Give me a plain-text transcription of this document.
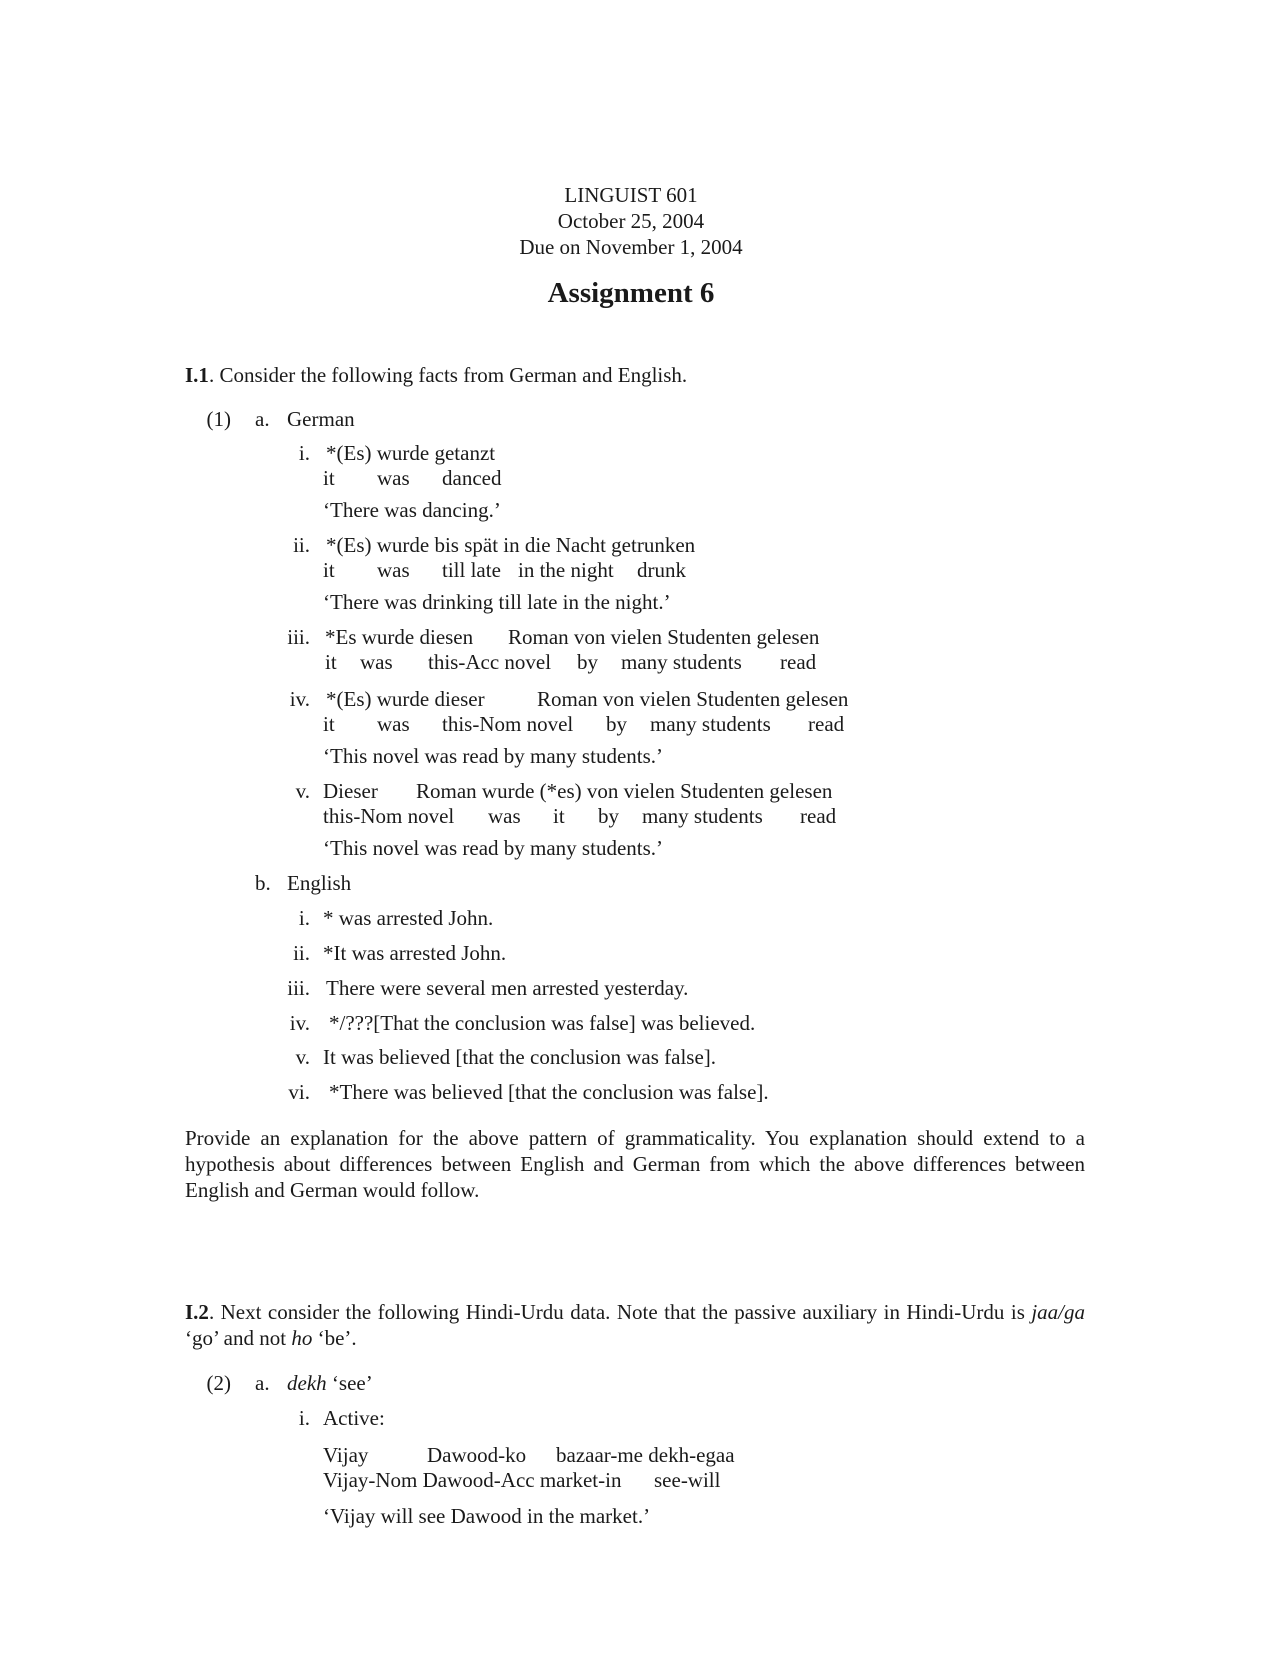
LINGUIST 601
October 25, 2004
Due on November 1, 2004
Assignment 6
I.1. Consider the following facts from German and English.
(1) a. German
i. *(Es) wurde getanzt
it was danced
‘There was dancing.’
ii. *(Es) wurde bis spät in die Nacht getrunken
it was till late in the night drunk
‘There was drinking till late in the night.’
iii. *Es wurde diesen Roman von vielen Studenten gelesen
it was this-Acc novel by many students read
iv. *(Es) wurde dieser Roman von vielen Studenten gelesen
it was this-Nom novel by many students read
‘This novel was read by many students.’
v. Dieser Roman wurde (*es) von vielen Studenten gelesen
this-Nom novel was it by many students read
‘This novel was read by many students.’
b. English
i. * was arrested John.
ii. *It was arrested John.
iii. There were several men arrested yesterday.
iv. */???[That the conclusion was false] was believed.
v. It was believed [that the conclusion was false].
vi. *There was believed [that the conclusion was false].
Provide an explanation for the above pattern of grammaticality. You explanation should extend to a hypothesis about differences between English and German from which the above differences between English and German would follow.
I.2. Next consider the following Hindi-Urdu data. Note that the passive auxiliary in Hindi-Urdu is jaa/ga ‘go’ and not ho ‘be’.
(2) a. dekh ‘see’
i. Active:
Vijay	Dawood-ko bazaar-me dekh-egaa
Vijay-Nom Dawood-Acc market-in see-will
‘Vijay will see Dawood in the market.’
